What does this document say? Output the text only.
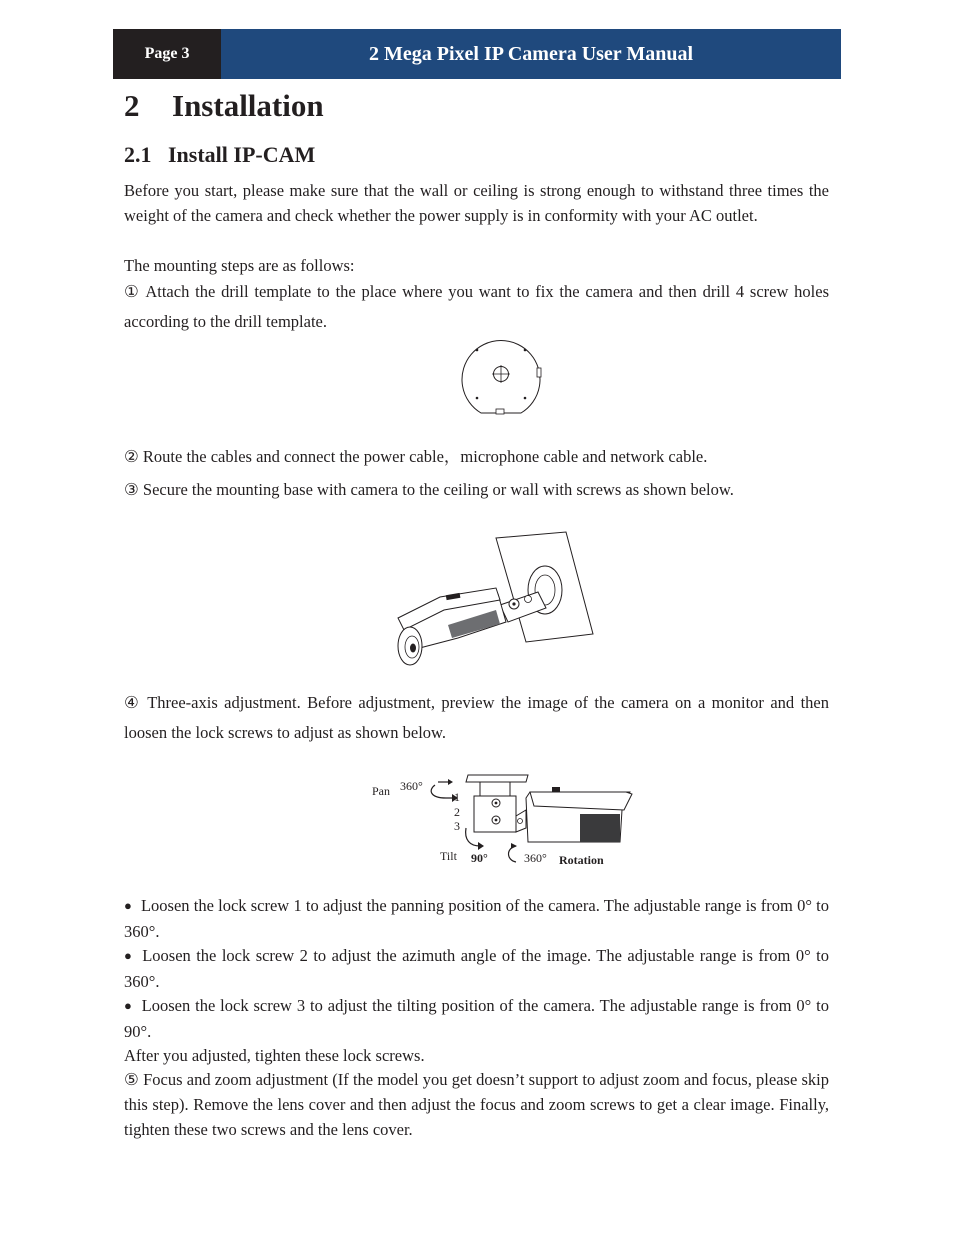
Page 3	2 Mega Pixel IP Camera User Manual
2 Installation
2.1 Install IP-CAM

Before you start, please make sure that the wall or ceiling is strong enough to withstand three times the weight of the camera and check whether the power supply is in conformity with your AC outlet.

The mounting steps are as follows:

① Attach the drill template to the place where you want to fix the camera and then drill 4 screw holes according to the drill template.

② Route the cables and connect the power cable，microphone cable and network cable.

③ Secure the mounting base with camera to the ceiling or wall with screws as shown below.

④ Three-axis adjustment. Before adjustment, preview the image of the camera on a monitor and then loosen the lock screws to adjust as shown below.

Pan 360°
1
2
3
Tilt 90°	360° Rotation

● Loosen the lock screw 1 to adjust the panning position of the camera. The adjustable range is from 0° to 360°.

● Loosen the lock screw 2 to adjust the azimuth angle of the image. The adjustable range is from 0° to 360°.

● Loosen the lock screw 3 to adjust the tilting position of the camera. The adjustable range is from 0° to 90°.

After you adjusted, tighten these lock screws.

⑤ Focus and zoom adjustment (If the model you get doesn’t support to adjust zoom and focus, please skip this step). Remove the lens cover and then adjust the focus and zoom screws to get a clear image. Finally, tighten these two screws and the lens cover.
